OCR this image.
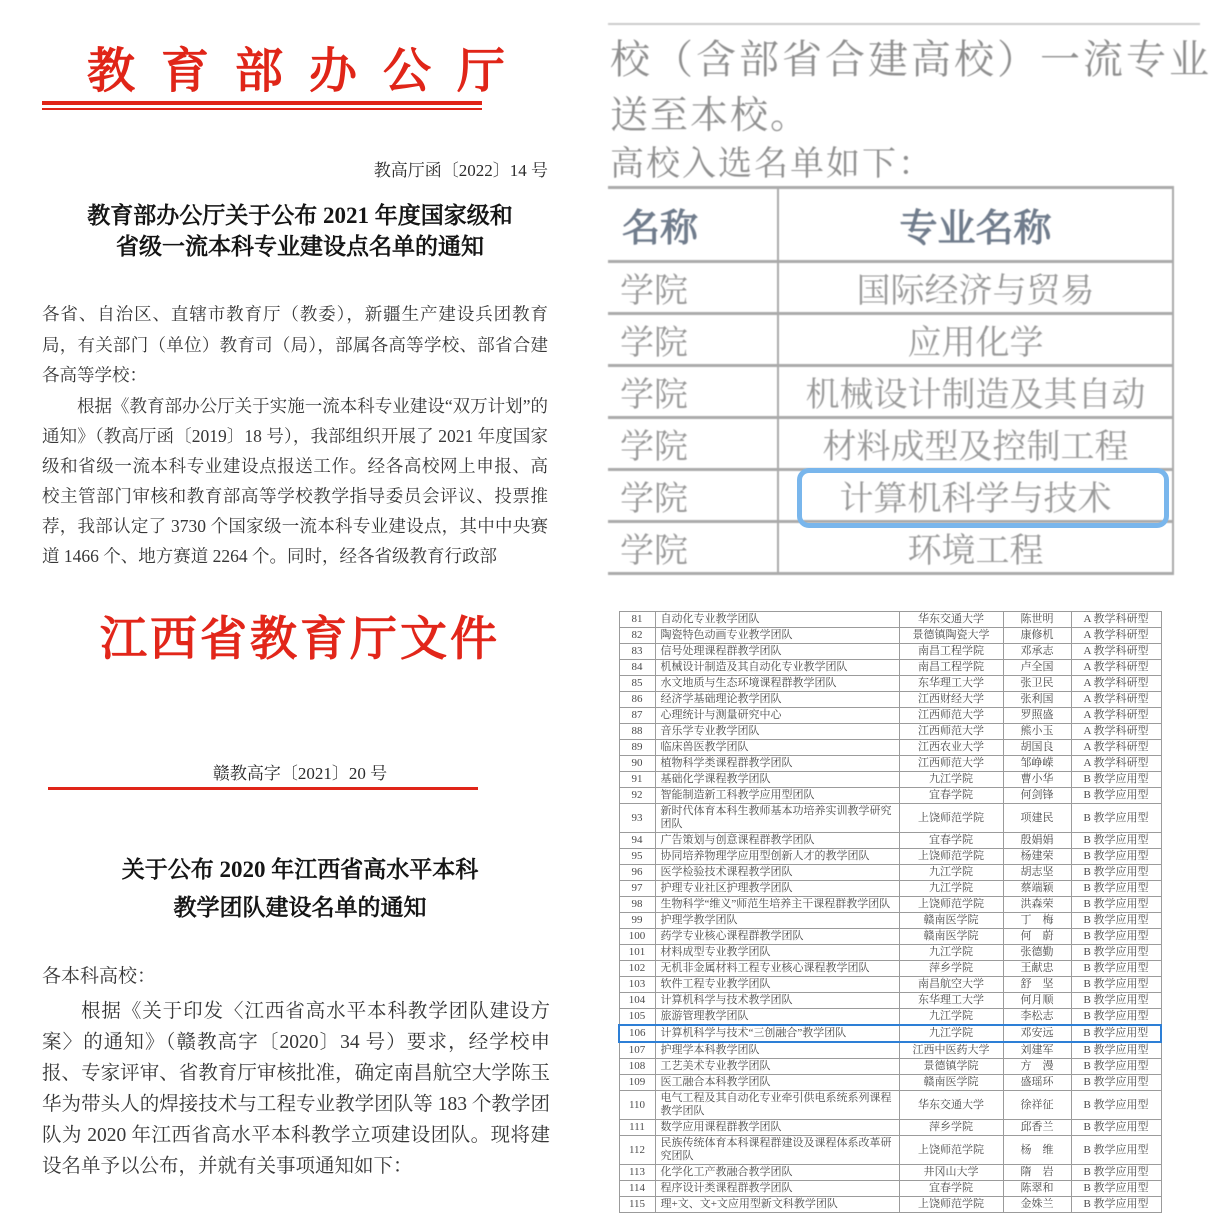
教育部办公厅
教高厅函〔2022〕14 号
教育部办公厅关于公布 2021 年度国家级和
省级一流本科专业建设点名单的通知

各省、自治区、直辖市教育厅（教委），新疆生产建设兵团教育局，有关部门（单位）教育司（局），部属各高等学校、部省合建各高等学校：

根据《教育部办公厅关于实施一流本科专业建设“双万计划”的通知》（教高厅函〔2019〕18 号），我部组织开展了 2021 年度国家级和省级一流本科专业建设点报送工作。经各高校网上申报、高校主管部门审核和教育部高等学校教学指导委员会评议、投票推荐，我部认定了 3730 个国家级一流本科专业建设点，其中中央赛道 1466 个、地方赛道 2264 个。同时，经各省级教育行政部

江西省教育厅文件
赣教高字〔2021〕20 号
关于公布 2020 年江西省高水平本科
教学团队建设名单的通知

各本科高校：

根据《关于印发〈江西省高水平本科教学团队建设方案〉的通知》（赣教高字〔2020〕34 号）要求，经学校申报、专家评审、省教育厅审核批准，确定南昌航空大学陈玉华为带头人的焊接技术与工程专业教学团队等 183 个教学团队为 2020 年江西省高水平本科教学立项建设团队。现将建设名单予以公布，并就有关事项通知如下：

校（含部省合建高校）一流专业
送至本校。
高校入选名单如下：
名称	专业名称
学院	国际经济与贸易
学院	应用化学
学院	机械设计制造及其自动
学院	材料成型及控制工程
学院	计算机科学与技术
学院	环境工程
81	自动化专业教学团队	华东交通大学	陈世明	A 教学科研型
82	陶瓷特色动画专业教学团队	景德镇陶瓷大学	康修机	A 教学科研型
83	信号处理课程群教学团队	南昌工程学院	邓承志	A 教学科研型
84	机械设计制造及其自动化专业教学团队	南昌工程学院	卢全国	A 教学科研型
85	水文地质与生态环境课程群教学团队	东华理工大学	张卫民	A 教学科研型
86	经济学基础理论教学团队	江西财经大学	张利国	A 教学科研型
87	心理统计与测量研究中心	江西师范大学	罗照盛	A 教学科研型
88	音乐学专业教学团队	江西师范大学	熊小玉	A 教学科研型
89	临床兽医教学团队	江西农业大学	胡国良	A 教学科研型
90	植物科学类课程群教学团队	江西师范大学	邹峥嵘	A 教学科研型
91	基础化学课程教学团队	九江学院	曹小华	B 教学应用型
92	智能制造新工科教学应用型团队	宜春学院	何剑锋	B 教学应用型
93	新时代体育本科生教师基本功培养实训教学研究团队	上饶师范学院	项建民	B 教学应用型
94	广告策划与创意课程群教学团队	宜春学院	殷娟娟	B 教学应用型
95	协同培养物理学应用型创新人才的教学团队	上饶师范学院	杨建荣	B 教学应用型
96	医学检验技术课程教学团队	九江学院	胡志坚	B 教学应用型
97	护理专业社区护理教学团队	九江学院	蔡端颖	B 教学应用型
98	生物科学“维义”师范生培养主干课程群教学团队	上饶师范学院	洪森荣	B 教学应用型
99	护理学教学团队	赣南医学院	丁　梅	B 教学应用型
100	药学专业核心课程群教学团队	赣南医学院	何　蔚	B 教学应用型
101	材料成型专业教学团队	九江学院	张德勤	B 教学应用型
102	无机非金属材料工程专业核心课程教学团队	萍乡学院	王献忠	B 教学应用型
103	软件工程专业教学团队	南昌航空大学	舒　坚	B 教学应用型
104	计算机科学与技术教学团队	东华理工大学	何月顺	B 教学应用型
105	旅游管理教学团队	九江学院	李松志	B 教学应用型
106	计算机科学与技术“三创融合”教学团队	九江学院	邓安远	B 教学应用型
107	护理学本科教学团队	江西中医药大学	刘建军	B 教学应用型
108	工艺美术专业教学团队	景德镇学院	方　漫	B 教学应用型
109	医工融合本科教学团队	赣南医学院	盛瑶环	B 教学应用型
110	电气工程及其自动化专业牵引供电系统系列课程教学团队	华东交通大学	徐祥征	B 教学应用型
111	数学应用课程群教学团队	萍乡学院	邱香兰	B 教学应用型
112	民族传统体育本科课程群建设及课程体系改革研究团队	上饶师范学院	杨　维	B 教学应用型
113	化学化工产教融合教学团队	井冈山大学	隋　岩	B 教学应用型
114	程序设计类课程群教学团队	宜春学院	陈翠和	B 教学应用型
115	理+文、文+文应用型新文科教学团队	上饶师范学院	金姝兰	B 教学应用型
